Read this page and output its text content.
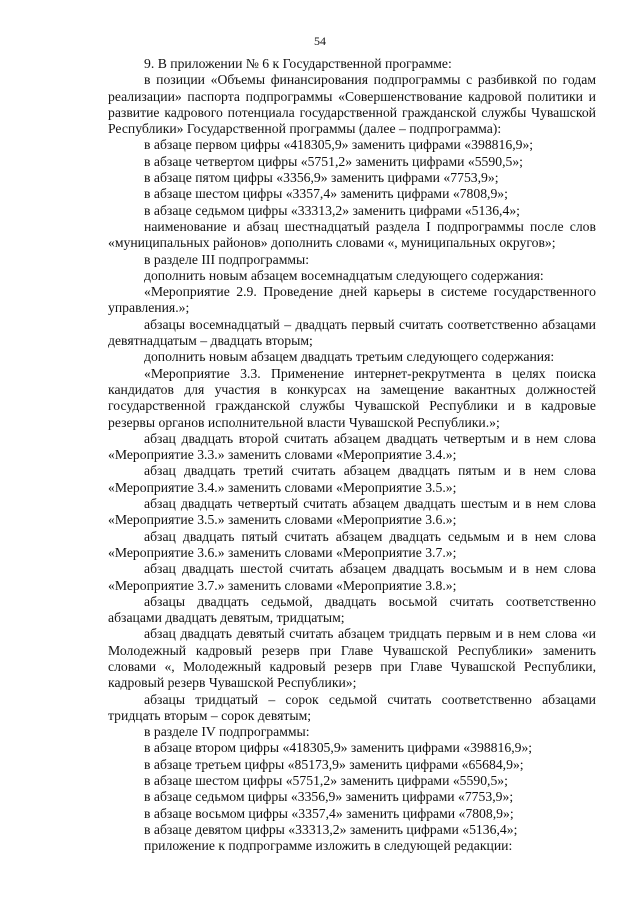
54

9. В приложении № 6 к Государственной программе:

в позиции «Объемы финансирования подпрограммы с разбивкой по годам реализации» паспорта подпрограммы «Совершенствование кадровой политики и развитие кадрового потенциала государственной гражданской службы Чувашской Республики» Государственной программы (далее – подпрограмма):

в абзаце первом цифры «418305,9» заменить цифрами «398816,9»;

в абзаце четвертом цифры «5751,2» заменить цифрами «5590,5»;

в абзаце пятом цифры «3356,9» заменить цифрами «7753,9»;

в абзаце шестом цифры «3357,4» заменить цифрами «7808,9»;

в абзаце седьмом цифры «33313,2» заменить цифрами «5136,4»;

наименование и абзац шестнадцатый раздела I подпрограммы после слов «муниципальных районов» дополнить словами «, муниципальных округов»;

в разделе III подпрограммы:

дополнить новым абзацем восемнадцатым следующего содержания:

«Мероприятие 2.9. Проведение дней карьеры в системе государственного управления.»;

абзацы восемнадцатый – двадцать первый считать соответственно абзацами девятнадцатым – двадцать вторым;

дополнить новым абзацем двадцать третьим следующего содержания:

«Мероприятие 3.3. Применение интернет-рекрутмента в целях поиска кандидатов для участия в конкурсах на замещение вакантных должностей государственной гражданской службы Чувашской Республики и в кадровые резервы органов исполнительной власти Чувашской Республики.»;

абзац двадцать второй считать абзацем двадцать четвертым и в нем слова «Мероприятие 3.3.» заменить словами «Мероприятие 3.4.»;

абзац двадцать третий считать абзацем двадцать пятым и в нем слова «Мероприятие 3.4.» заменить словами «Мероприятие 3.5.»;

абзац двадцать четвертый считать абзацем двадцать шестым и в нем слова «Мероприятие 3.5.» заменить словами «Мероприятие 3.6.»;

абзац двадцать пятый считать абзацем двадцать седьмым и в нем слова «Мероприятие 3.6.» заменить словами «Мероприятие 3.7.»;

абзац двадцать шестой считать абзацем двадцать восьмым и в нем слова «Мероприятие 3.7.» заменить словами «Мероприятие 3.8.»;

абзацы двадцать седьмой, двадцать восьмой считать соответственно абзацами двадцать девятым, тридцатым;

абзац двадцать девятый считать абзацем тридцать первым и в нем слова «и Молодежный кадровый резерв при Главе Чувашской Республики» заменить словами «, Молодежный кадровый резерв при Главе Чувашской Республики, кадровый резерв Чувашской Республики»;

абзацы тридцатый – сорок седьмой считать соответственно абзацами тридцать вторым – сорок девятым;

в разделе IV подпрограммы:

в абзаце втором цифры «418305,9» заменить цифрами «398816,9»;

в абзаце третьем цифры «85173,9» заменить цифрами «65684,9»;

в абзаце шестом цифры «5751,2» заменить цифрами «5590,5»;

в абзаце седьмом цифры «3356,9» заменить цифрами «7753,9»;

в абзаце восьмом цифры «3357,4» заменить цифрами «7808,9»;

в абзаце девятом цифры «33313,2» заменить цифрами «5136,4»;

приложение к подпрограмме изложить в следующей редакции:
